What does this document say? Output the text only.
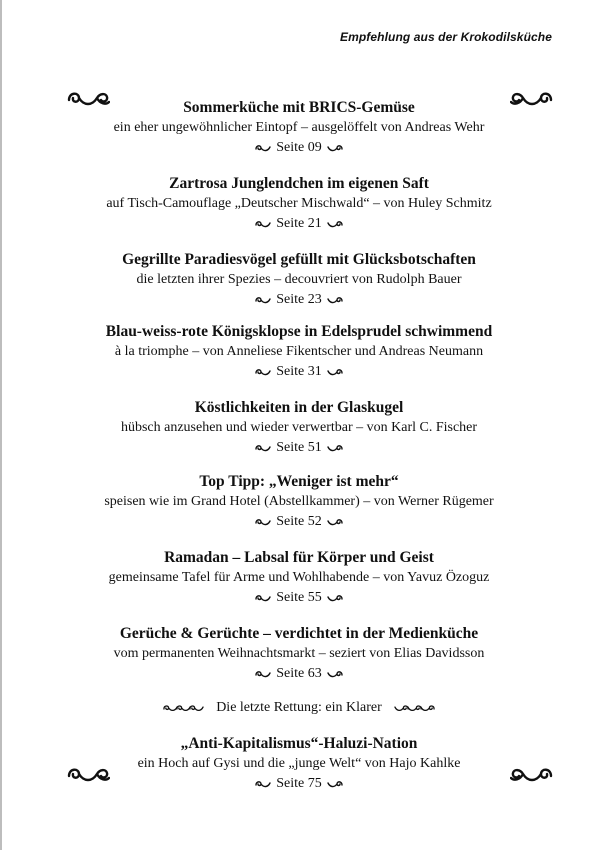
Empfehlung aus der Krokodilsküche
Sommerküche mit BRICS-Gemüse
ein eher ungewöhnlicher Eintopf – ausgelöffelt von Andreas Wehr
Seite 09
Zartrosa Junglendchen im eigenen Saft
auf Tisch-Camouflage „Deutscher Mischwald“ – von Huley Schmitz
Seite 21
Gegrillte Paradiesvögel gefüllt mit Glücksbotschaften
die letzten ihrer Spezies – decouvriert von Rudolph Bauer
Seite 23
Blau-weiss-rote Königsklopse in Edelsprudel schwimmend
à la triomphe – von Anneliese Fikentscher und Andreas Neumann
Seite 31
Köstlichkeiten in der Glaskugel
hübsch anzusehen und wieder verwertbar – von Karl C. Fischer
Seite 51
Top Tipp: „Weniger ist mehr“
speisen wie im Grand Hotel (Abstellkammer) – von Werner Rügemer
Seite 52
Ramadan – Labsal für Körper und Geist
gemeinsame Tafel für Arme und Wohlhabende – von Yavuz Özoguz
Seite 55
Gerüche & Gerüchte – verdichtet in der Medienküche
vom permanenten Weihnachtsmarkt – seziert von Elias Davidsson
Seite 63
Die letzte Rettung: ein Klarer
„Anti-Kapitalismus“-Haluzi-Nation
ein Hoch auf Gysi und die „junge Welt“ von Hajo Kahlke
Seite 75
